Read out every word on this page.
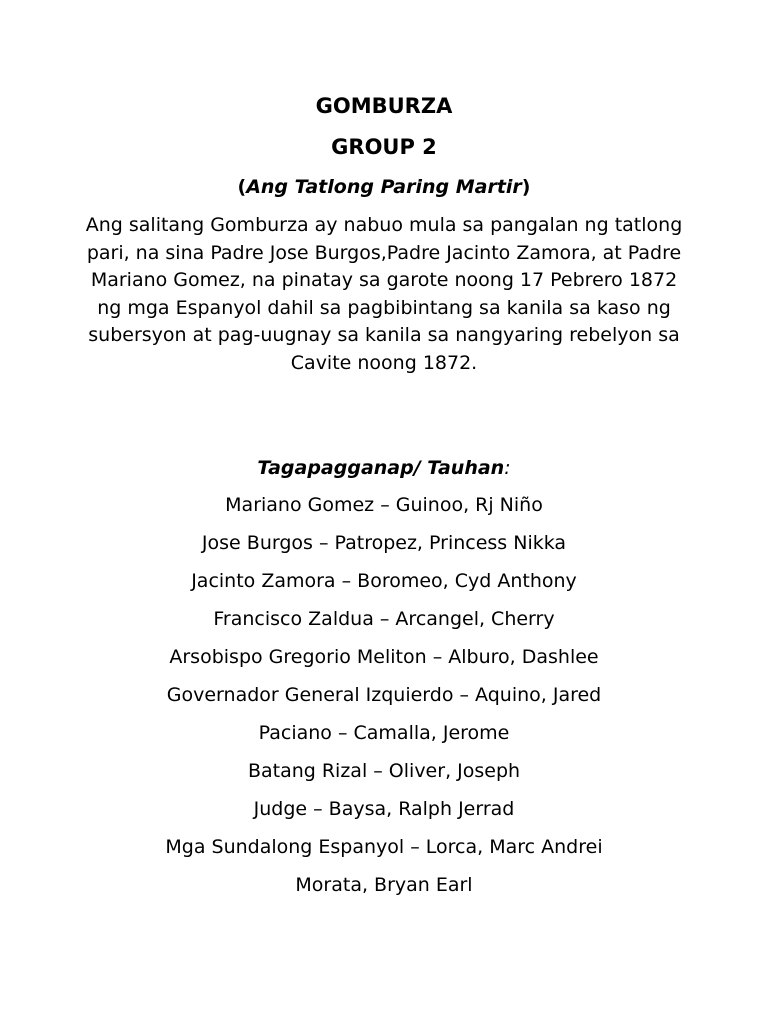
GOMBURZA
GROUP 2

(Ang Tatlong Paring Martir)

Ang salitang Gomburza ay nabuo mula sa pangalan ng tatlong pari, na sina Padre Jose Burgos,Padre Jacinto Zamora, at Padre Mariano Gomez, na pinatay sa garote noong 17 Pebrero 1872 ng mga Espanyol dahil sa pagbibintang sa kanila sa kaso ng subersyon at pag-uugnay sa kanila sa nangyaring rebelyon sa Cavite noong 1872.

Tagapagganap/ Tauhan:

Mariano Gomez – Guinoo, Rj Niño
Jose Burgos – Patropez, Princess Nikka
Jacinto Zamora – Boromeo, Cyd Anthony
Francisco Zaldua – Arcangel, Cherry
Arsobispo Gregorio Meliton – Alburo, Dashlee
Governador General Izquierdo – Aquino, Jared
Paciano – Camalla, Jerome
Batang Rizal – Oliver, Joseph
Judge – Baysa, Ralph Jerrad
Mga Sundalong Espanyol – Lorca, Marc Andrei
Morata, Bryan Earl
